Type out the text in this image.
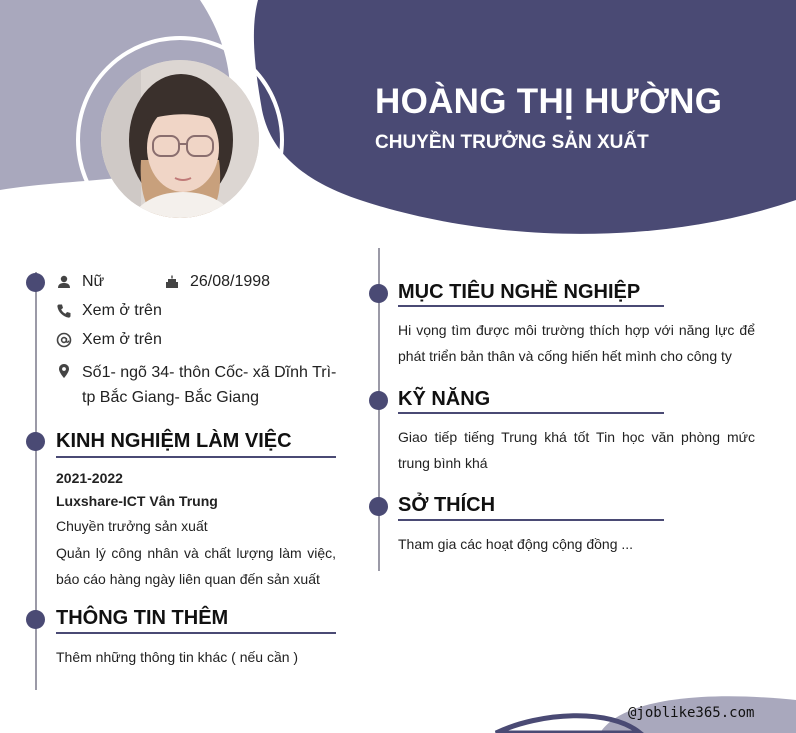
HOÀNG THỊ HƯỜNG
CHUYỀN TRƯỞNG SẢN XUẤT
Nữ	26/08/1998
Xem ở trên
Xem ở trên
Số1- ngõ 34- thôn Cốc- xã Dĩnh Trì-
tp Bắc Giang- Bắc Giang
KINH NGHIỆM LÀM VIỆC
2021-2022
Luxshare-ICT Vân Trung
Chuyền trưởng sản xuất
Quản lý công nhân và chất lượng làm việc,
báo cáo hàng ngày liên quan đến sản xuất
THÔNG TIN THÊM
Thêm những thông tin khác ( nếu cần )
MỤC TIÊU NGHỀ NGHIỆP
Hi vọng tìm được môi trường thích hợp với năng lực để
phát triển bản thân và cống hiến hết mình cho công ty
KỸ NĂNG
Giao tiếp tiếng Trung khá tốt Tin học văn phòng mức
trung bình khá
SỞ THÍCH
Tham gia các hoạt động cộng đồng ...
@joblike365.com
